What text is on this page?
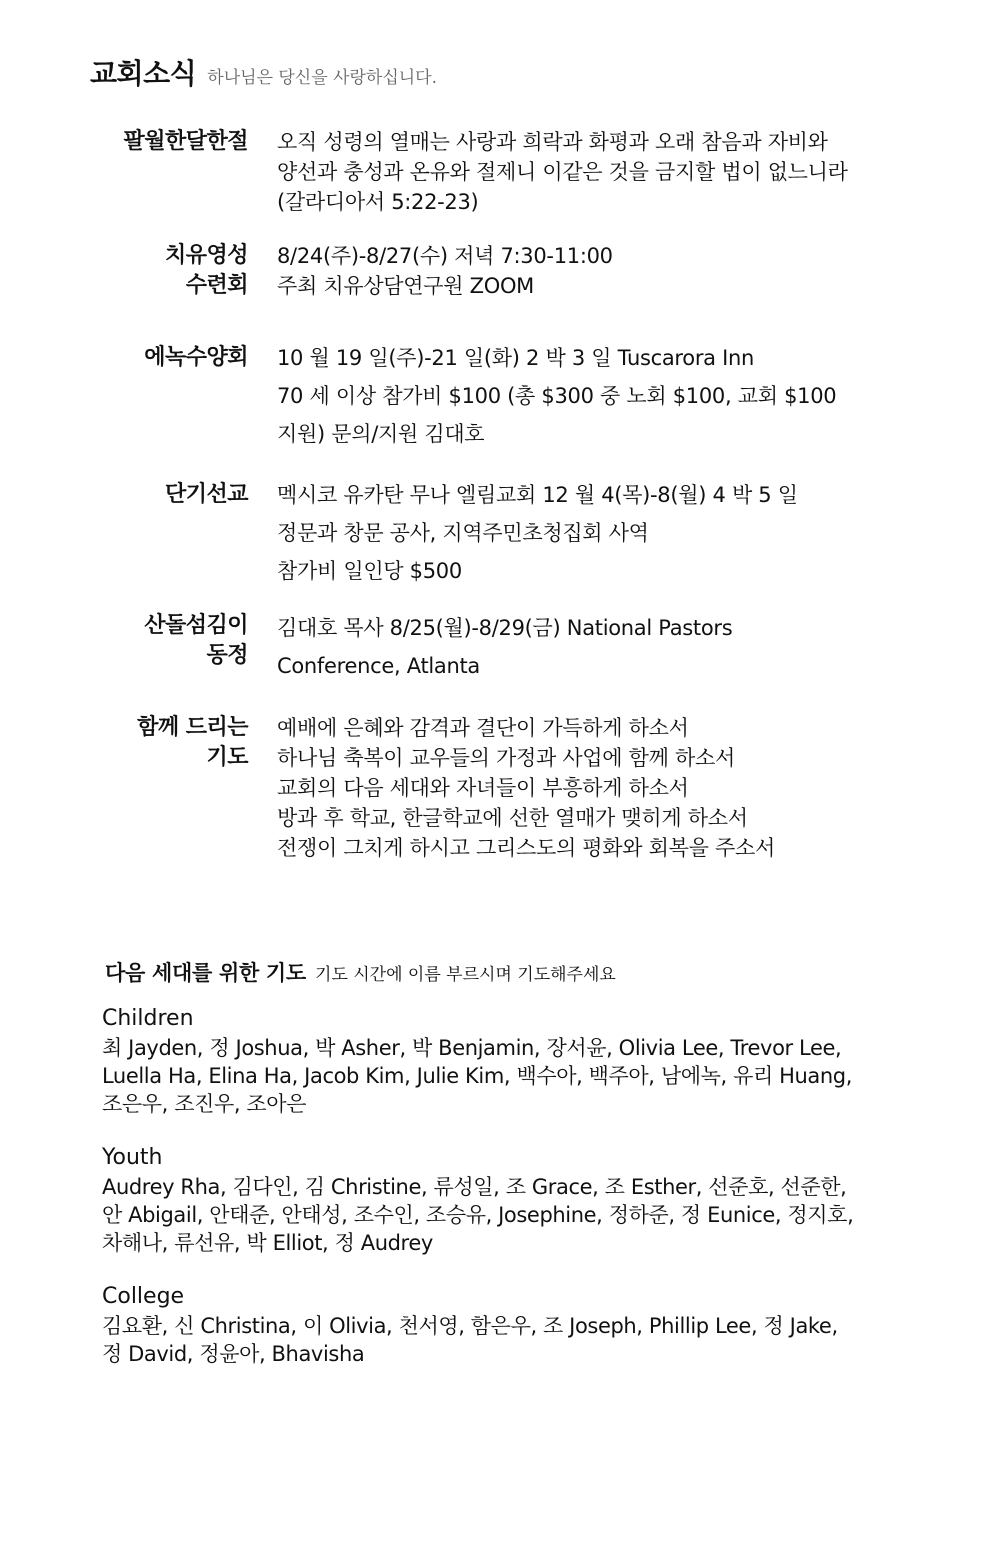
교회소식 하나님은 당신을 사랑하십니다.
팔월한달한절 오직 성령의 열매는 사랑과 희락과 화평과 오래 참음과 자비와
양선과 충성과 온유와 절제니 이같은 것을 금지할 법이 없느니라
(갈라디아서 5:22-23)
치유영성
수련회
8/24(주)-8/27(수) 저녁 7:30-11:00
주최 치유상담연구원 ZOOM
에녹수양회 10 월 19 일(주)-21 일(화) 2 박 3 일 Tuscarora Inn
70 세 이상 참가비 $100 (총 $300 중 노회 $100, 교회 $100
지원) 문의/지원 김대호
단기선교 멕시코 유카탄 무나 엘림교회 12 월 4(목)-8(월) 4 박 5 일
정문과 창문 공사, 지역주민초청집회 사역
참가비 일인당 $500
산돌섬김이
동정
김대호 목사 8/25(월)-8/29(금) National Pastors
Conference, Atlanta
함께 드리는
기도
예배에 은혜와 감격과 결단이 가득하게 하소서
하나님 축복이 교우들의 가정과 사업에 함께 하소서
교회의 다음 세대와 자녀들이 부흥하게 하소서
방과 후 학교, 한글학교에 선한 열매가 맺히게 하소서
전쟁이 그치게 하시고 그리스도의 평화와 회복을 주소서
다음 세대를 위한 기도 기도 시간에 이름 부르시며 기도해주세요
Children
최 Jayden, 정 Joshua, 박 Asher, 박 Benjamin, 장서윤, Olivia Lee, Trevor Lee,
Luella Ha, Elina Ha, Jacob Kim, Julie Kim, 백수아, 백주아, 남에녹, 유리 Huang,
조은우, 조진우, 조아은
Youth
Audrey Rha, 김다인, 김 Christine, 류성일, 조 Grace, 조 Esther, 선준호, 선준한,
안 Abigail, 안태준, 안태성, 조수인, 조승유, Josephine, 정하준, 정 Eunice, 정지호,
차해나, 류선유, 박 Elliot, 정 Audrey
College
김요환, 신 Christina, 이 Olivia, 천서영, 함은우, 조 Joseph, Phillip Lee, 정 Jake,
정 David, 정윤아, Bhavisha
